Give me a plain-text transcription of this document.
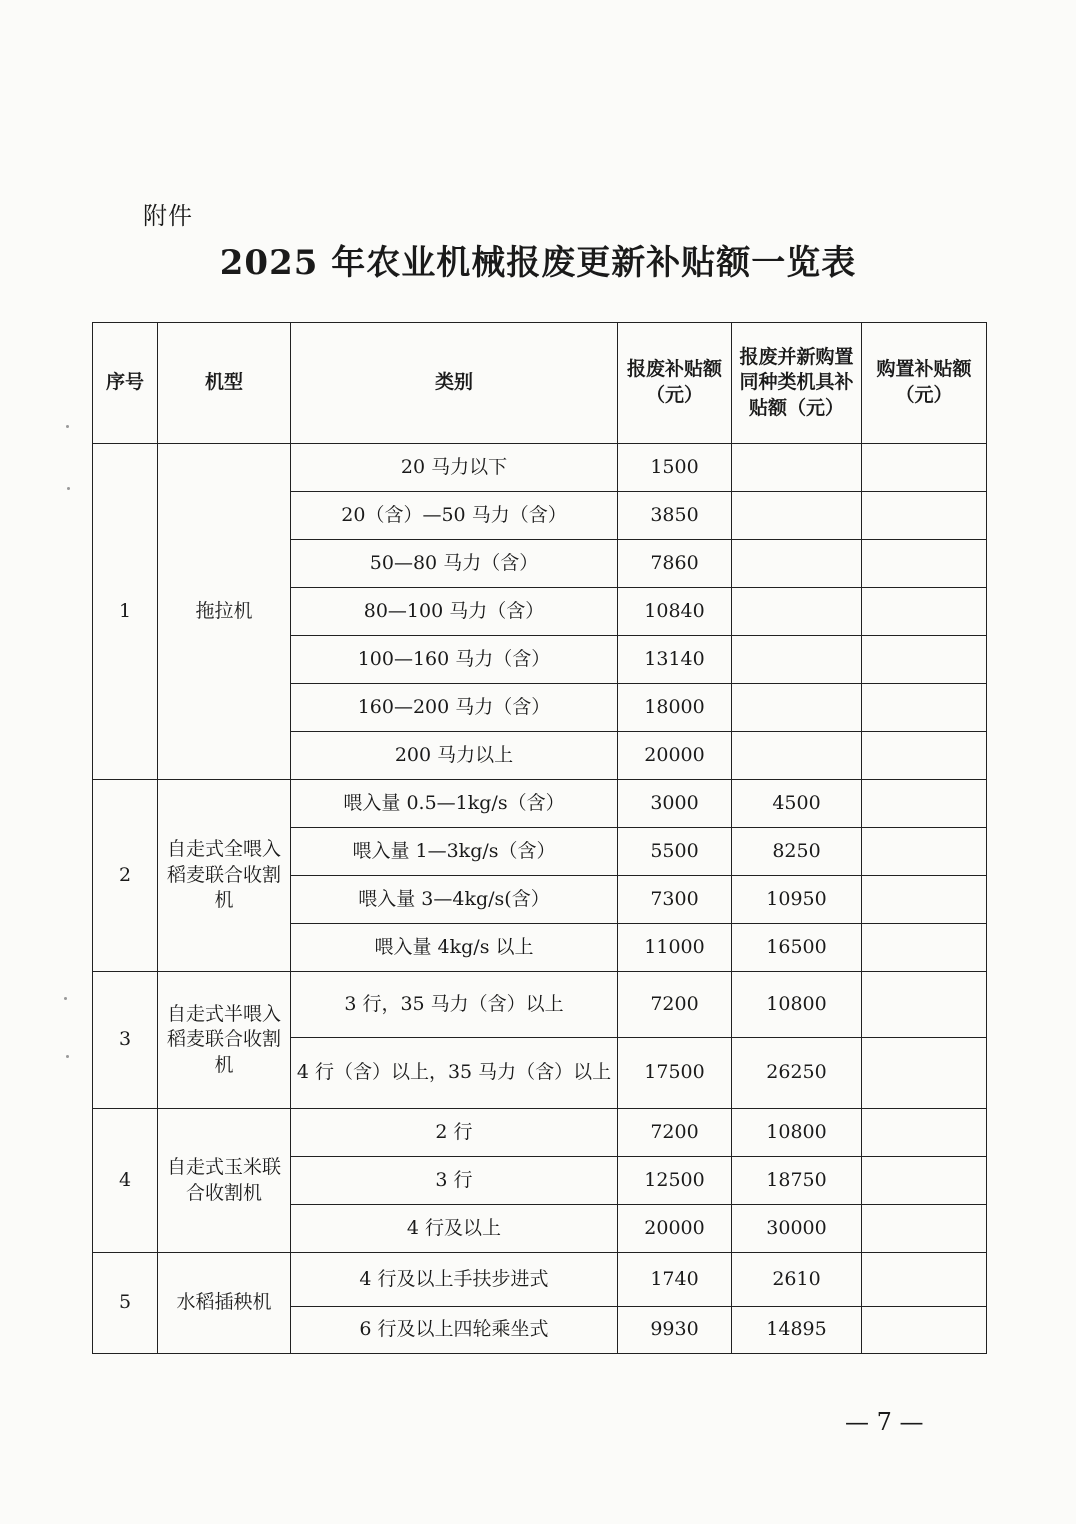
附件
2025 年农业机械报废更新补贴额一览表
序号	机型	类别	报废补贴额（元）	报废并新购置同种类机具补贴额（元）	购置补贴额（元）
1	拖拉机	20 马力以下	1500		
		20（含）—50 马力（含）	3850		
		50—80 马力（含）	7860		
		80—100 马力（含）	10840		
		100—160 马力（含）	13140		
		160—200 马力（含）	18000		
		200 马力以上	20000		
2	自走式全喂入稻麦联合收割机	喂入量 0.5—1kg/s（含）	3000	4500	
		喂入量 1—3kg/s（含）	5500	8250	
		喂入量 3—4kg/s(含）	7300	10950	
		喂入量 4kg/s 以上	11000	16500	
3	自走式半喂入稻麦联合收割机	3 行，35 马力（含）以上	7200	10800	
		4 行（含）以上，35 马力（含）以上	17500	26250	
4	自走式玉米联合收割机	2 行	7200	10800	
		3 行	12500	18750	
		4 行及以上	20000	30000	
5	水稻插秧机	4 行及以上手扶步进式	1740	2610	
		6 行及以上四轮乘坐式	9930	14895	
— 7 —
